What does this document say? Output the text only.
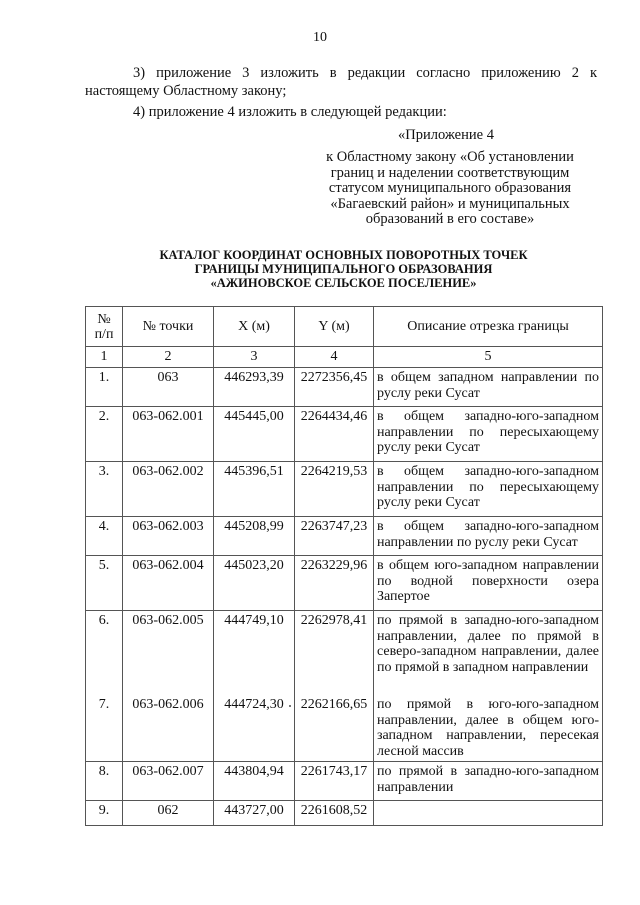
10

3) приложение 3 изложить в редакции согласно приложению 2 к настоящему Областному закону;

4) приложение 4 изложить в следующей редакции:

«Приложение 4
к Областному закону «Об установлении
границ и наделении соответствующим
статусом муниципального образования
«Багаевский район» и муниципальных
образований в его составе»
КАТАЛОГ КООРДИНАТ ОСНОВНЫХ ПОВОРОТНЫХ ТОЧЕК
ГРАНИЦЫ МУНИЦИПАЛЬНОГО ОБРАЗОВАНИЯ
«АЖИНОВСКОЕ СЕЛЬСКОЕ ПОСЕЛЕНИЕ»
№
п/п	№ точки	X (м)	Y (м)	Описание отрезка границы
1	2	3	4	5
1.	063	446293,39	2272356,45	в общем западном направлении по руслу реки Сусат
2.	063-062.001	445445,00	2264434,46	в общем западно-юго-западном направлении по пересыхающему руслу реки Сусат
3.	063-062.002	445396,51	2264219,53	в общем западно-юго-западном направлении по пересыхающему руслу реки Сусат
4.	063-062.003	445208,99	2263747,23	в общем западно-юго-западном направлении по руслу реки Сусат
5.	063-062.004	445023,20	2263229,96	в общем юго-западном направлении по водной поверхности озера Запертое
6.	063-062.005	444749,10	2262978,41	по прямой в западно-юго-западном направлении, далее по прямой в северо-западном направлении, далее по прямой в западном направлении
7.	063-062.006	444724,30	2262166,65	по прямой в юго-юго-западном направлении, далее в общем юго-западном направлении, пересекая лесной массив
8.	063-062.007	443804,94	2261743,17	по прямой в западно-юго-западном направлении
9.	062	443727,00	2261608,52	
